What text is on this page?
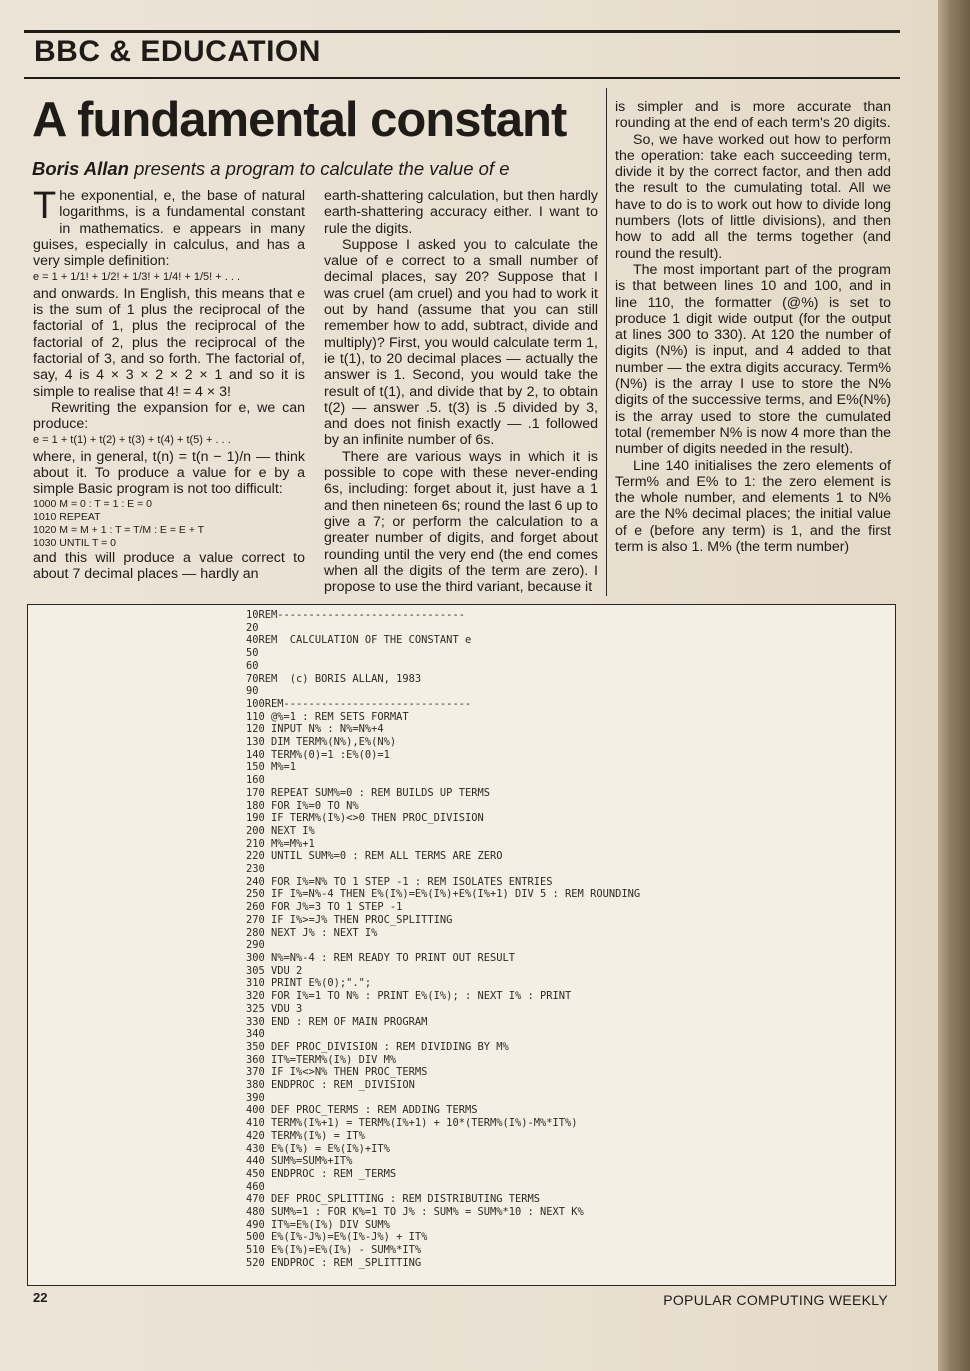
BBC & EDUCATION
A fundamental constant
Boris Allan presents a program to calculate the value of e

The exponential, e, the base of natural logarithms, is a fundamental constant in mathematics. e appears in many guises, especially in calculus, and has a very simple definition:

e = 1 + 1/1! + 1/2! + 1/3! + 1/4! + 1/5! + . . .

and onwards. In English, this means that e is the sum of 1 plus the reciprocal of the factorial of 1, plus the reciprocal of the factorial of 2, plus the reciprocal of the factorial of 3, and so forth. The factorial of, say, 4 is 4 × 3 × 2 × 2 × 1 and so it is simple to realise that 4! = 4 × 3!

Rewriting the expansion for e, we can produce:

e = 1 + t(1) + t(2) + t(3) + t(4) + t(5) + . . .

where, in general, t(n) = t(n − 1)/n — think about it. To produce a value for e by a simple Basic program is not too difficult:

1000 M = 0 : T = 1 : E = 0
1010 REPEAT
1020 M = M + 1 : T = T/M : E = E + T
1030 UNTIL T = 0

and this will produce a value correct to about 7 decimal places — hardly an

earth-shattering calculation, but then hardly earth-shattering accuracy either. I want to rule the digits.

Suppose I asked you to calculate the value of e correct to a small number of decimal places, say 20? Suppose that I was cruel (am cruel) and you had to work it out by hand (assume that you can still remember how to add, subtract, divide and multiply)? First, you would calculate term 1, ie t(1), to 20 decimal places — actually the answer is 1. Second, you would take the result of t(1), and divide that by 2, to obtain t(2) — answer .5. t(3) is .5 divided by 3, and does not finish exactly — .1 followed by an infinite number of 6s.

There are various ways in which it is possible to cope with these never-ending 6s, including: forget about it, just have a 1 and then nineteen 6s; round the last 6 up to give a 7; or perform the calculation to a greater number of digits, and forget about rounding until the very end (the end comes when all the digits of the term are zero). I propose to use the third variant, because it

is simpler and is more accurate than rounding at the end of each term's 20 digits.

So, we have worked out how to perform the operation: take each succeeding term, divide it by the correct factor, and then add the result to the cumulating total. All we have to do is to work out how to divide long numbers (lots of little divisions), and then how to add all the terms together (and round the result).

The most important part of the program is that between lines 10 and 100, and in line 110, the formatter (@%) is set to produce 1 digit wide output (for the output at lines 300 to 330). At 120 the number of digits (N%) is input, and 4 added to that number — the extra digits accuracy. Term%(N%) is the array I use to store the N% digits of the successive terms, and E%(N%) is the array used to store the cumulated total (remember N% is now 4 more than the number of digits needed in the result).

Line 140 initialises the zero elements of Term% and E% to 1: the zero element is the whole number, and elements 1 to N% are the N% decimal places; the initial value of e (before any term) is 1, and the first term is also 1. M% (the term number)

10REM------------------------------
20
40REM  CALCULATION OF THE CONSTANT e
50
60
70REM  (c) BORIS ALLAN, 1983
90
100REM------------------------------
110 @%=1 : REM SETS FORMAT
120 INPUT N% : N%=N%+4
130 DIM TERM%(N%),E%(N%)
140 TERM%(0)=1 :E%(0)=1
150 M%=1
160
170 REPEAT SUM%=0 : REM BUILDS UP TERMS
180 FOR I%=0 TO N%
190 IF TERM%(I%)<>0 THEN PROC_DIVISION
200 NEXT I%
210 M%=M%+1
220 UNTIL SUM%=0 : REM ALL TERMS ARE ZERO
230
240 FOR I%=N% TO 1 STEP -1 : REM ISOLATES ENTRIES
250 IF I%=N%-4 THEN E%(I%)=E%(I%)+E%(I%+1) DIV 5 : REM ROUNDING
260 FOR J%=3 TO 1 STEP -1
270 IF I%>=J% THEN PROC_SPLITTING
280 NEXT J% : NEXT I%
290
300 N%=N%-4 : REM READY TO PRINT OUT RESULT
305 VDU 2
310 PRINT E%(0);".";
320 FOR I%=1 TO N% : PRINT E%(I%); : NEXT I% : PRINT
325 VDU 3
330 END : REM OF MAIN PROGRAM
340
350 DEF PROC_DIVISION : REM DIVIDING BY M%
360 IT%=TERM%(I%) DIV M%
370 IF I%<>N% THEN PROC_TERMS
380 ENDPROC : REM _DIVISION
390
400 DEF PROC_TERMS : REM ADDING TERMS
410 TERM%(I%+1) = TERM%(I%+1) + 10*(TERM%(I%)-M%*IT%)
420 TERM%(I%) = IT%
430 E%(I%) = E%(I%)+IT%
440 SUM%=SUM%+IT%
450 ENDPROC : REM _TERMS
460
470 DEF PROC_SPLITTING : REM DISTRIBUTING TERMS
480 SUM%=1 : FOR K%=1 TO J% : SUM% = SUM%*10 : NEXT K%
490 IT%=E%(I%) DIV SUM%
500 E%(I%-J%)=E%(I%-J%) + IT%
510 E%(I%)=E%(I%) - SUM%*IT%
520 ENDPROC : REM _SPLITTING
22	POPULAR COMPUTING WEEKLY
